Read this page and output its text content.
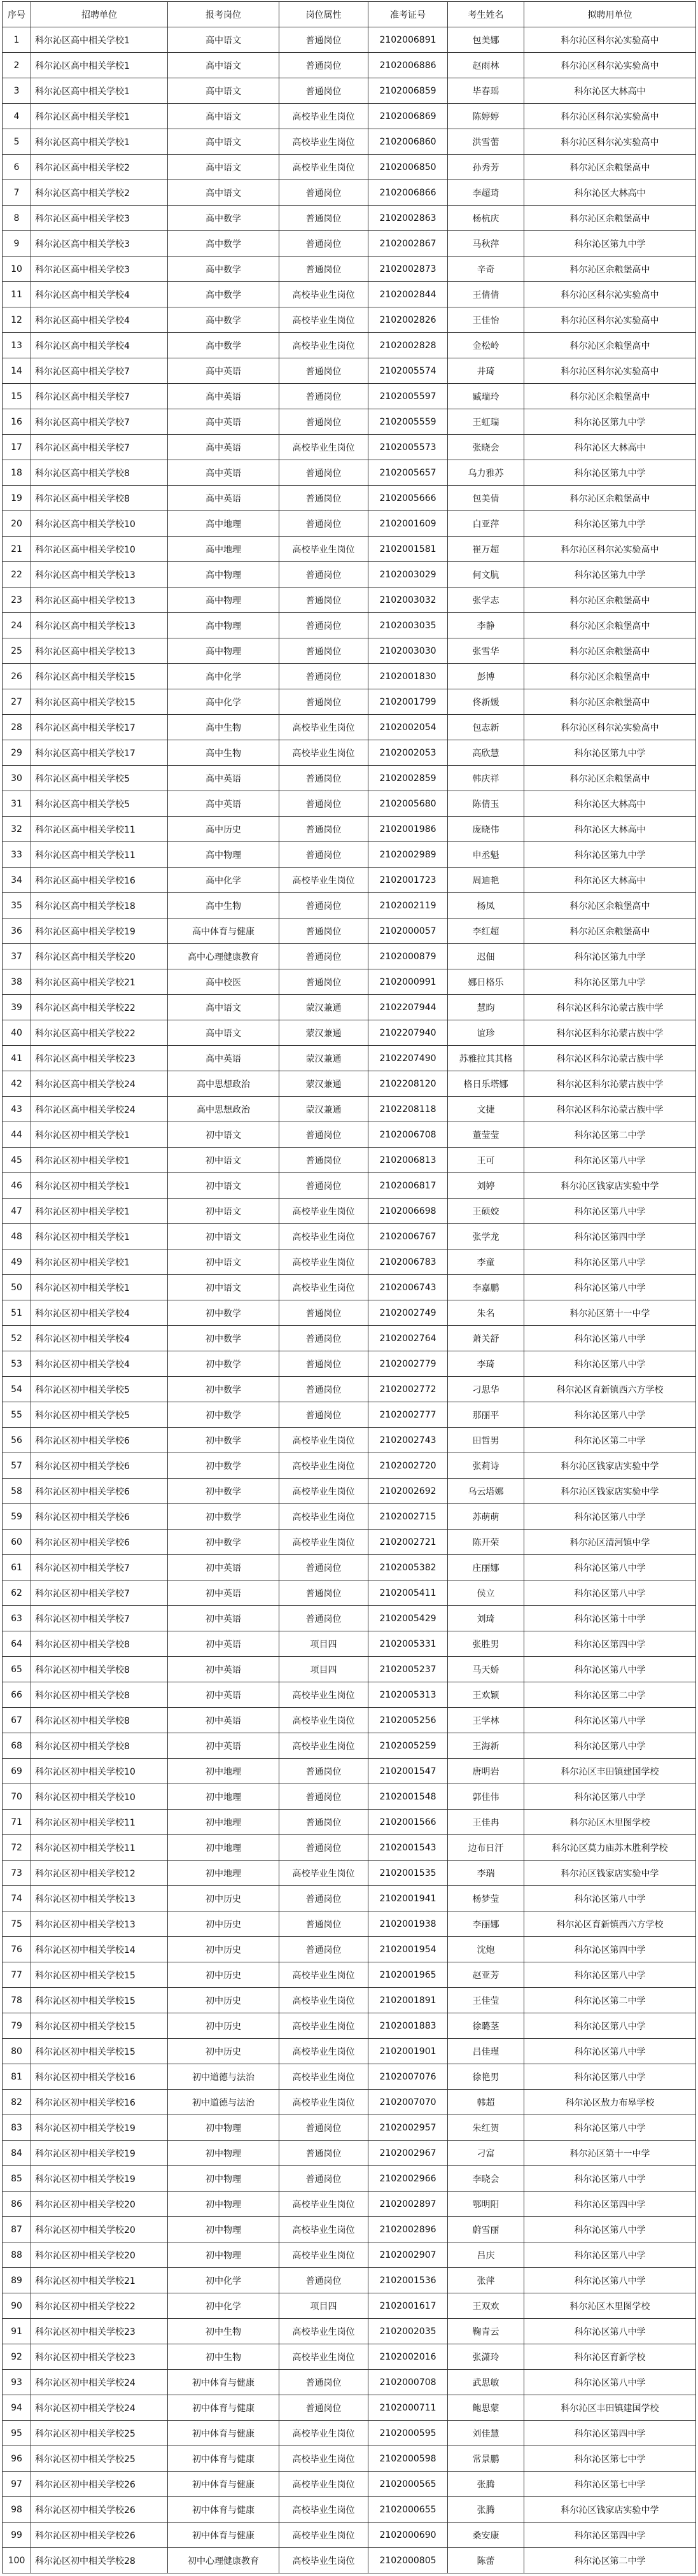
序号	招聘单位	报考岗位	岗位属性	准考证号	考生姓名	拟聘用单位
1	科尔沁区高中相关学校1	高中语文	普通岗位	2102006891	包美娜	科尔沁区科尔沁实验高中
2	科尔沁区高中相关学校1	高中语文	普通岗位	2102006886	赵雨林	科尔沁区科尔沁实验高中
3	科尔沁区高中相关学校1	高中语文	普通岗位	2102006859	毕春瑶	科尔沁区大林高中
4	科尔沁区高中相关学校1	高中语文	高校毕业生岗位	2102006869	陈婷婷	科尔沁区科尔沁实验高中
5	科尔沁区高中相关学校1	高中语文	高校毕业生岗位	2102006860	洪雪蕾	科尔沁区科尔沁实验高中
6	科尔沁区高中相关学校2	高中语文	高校毕业生岗位	2102006850	孙秀芳	科尔沁区余粮堡高中
7	科尔沁区高中相关学校2	高中语文	普通岗位	2102006866	李超琦	科尔沁区大林高中
8	科尔沁区高中相关学校3	高中数学	普通岗位	2102002863	杨杭庆	科尔沁区余粮堡高中
9	科尔沁区高中相关学校3	高中数学	普通岗位	2102002867	马秋萍	科尔沁区第九中学
10	科尔沁区高中相关学校3	高中数学	普通岗位	2102002873	辛奇	科尔沁区余粮堡高中
11	科尔沁区高中相关学校4	高中数学	高校毕业生岗位	2102002844	王倩倩	科尔沁区科尔沁实验高中
12	科尔沁区高中相关学校4	高中数学	高校毕业生岗位	2102002826	王佳怡	科尔沁区科尔沁实验高中
13	科尔沁区高中相关学校4	高中数学	高校毕业生岗位	2102002828	金松岭	科尔沁区余粮堡高中
14	科尔沁区高中相关学校7	高中英语	普通岗位	2102005574	井琦	科尔沁区科尔沁实验高中
15	科尔沁区高中相关学校7	高中英语	普通岗位	2102005597	臧瑞玲	科尔沁区余粮堡高中
16	科尔沁区高中相关学校7	高中英语	普通岗位	2102005559	王虹瑞	科尔沁区第九中学
17	科尔沁区高中相关学校7	高中英语	高校毕业生岗位	2102005573	张晓会	科尔沁区大林高中
18	科尔沁区高中相关学校8	高中英语	普通岗位	2102005657	乌力雅苏	科尔沁区第九中学
19	科尔沁区高中相关学校8	高中英语	普通岗位	2102005666	包美倩	科尔沁区余粮堡高中
20	科尔沁区高中相关学校10	高中地理	普通岗位	2102001609	白亚萍	科尔沁区第九中学
21	科尔沁区高中相关学校10	高中地理	高校毕业生岗位	2102001581	崔万超	科尔沁区科尔沁实验高中
22	科尔沁区高中相关学校13	高中物理	普通岗位	2102003029	何文肮	科尔沁区第九中学
23	科尔沁区高中相关学校13	高中物理	普通岗位	2102003032	张学志	科尔沁区余粮堡高中
24	科尔沁区高中相关学校13	高中物理	普通岗位	2102003035	李静	科尔沁区余粮堡高中
25	科尔沁区高中相关学校13	高中物理	普通岗位	2102003030	张雪华	科尔沁区余粮堡高中
26	科尔沁区高中相关学校15	高中化学	普通岗位	2102001830	彭博	科尔沁区余粮堡高中
27	科尔沁区高中相关学校15	高中化学	普通岗位	2102001799	佟新媛	科尔沁区余粮堡高中
28	科尔沁区高中相关学校17	高中生物	高校毕业生岗位	2102002054	包志新	科尔沁区科尔沁实验高中
29	科尔沁区高中相关学校17	高中生物	高校毕业生岗位	2102002053	高欣慧	科尔沁区第九中学
30	科尔沁区高中相关学校5	高中英语	普通岗位	2102002859	韩庆祥	科尔沁区余粮堡高中
31	科尔沁区高中相关学校5	高中英语	普通岗位	2102005680	陈倩玉	科尔沁区大林高中
32	科尔沁区高中相关学校11	高中历史	普通岗位	2102001986	庞晓伟	科尔沁区大林高中
33	科尔沁区高中相关学校11	高中物理	普通岗位	2102002989	申丞魁	科尔沁区第九中学
34	科尔沁区高中相关学校16	高中化学	高校毕业生岗位	2102001723	周迪艳	科尔沁区大林高中
35	科尔沁区高中相关学校18	高中生物	普通岗位	2102002119	杨凤	科尔沁区余粮堡高中
36	科尔沁区高中相关学校19	高中体育与健康	普通岗位	2102000057	李红超	科尔沁区余粮堡高中
37	科尔沁区高中相关学校20	高中心理健康教育	普通岗位	2102000879	迟佃	科尔沁区第九中学
38	科尔沁区高中相关学校21	高中校医	普通岗位	2102000991	娜日格乐	科尔沁区第九中学
39	科尔沁区高中相关学校22	高中语文	蒙汉兼通	2102207944	慧昀	科尔沁区科尔沁蒙古族中学
40	科尔沁区高中相关学校22	高中语文	蒙汉兼通	2102207940	谊珍	科尔沁区科尔沁蒙古族中学
41	科尔沁区高中相关学校23	高中英语	蒙汉兼通	2102207490	苏雅拉其其格	科尔沁区科尔沁蒙古族中学
42	科尔沁区高中相关学校24	高中思想政治	蒙汉兼通	2102208120	格日乐塔娜	科尔沁区科尔沁蒙古族中学
43	科尔沁区高中相关学校24	高中思想政治	蒙汉兼通	2102208118	文捷	科尔沁区科尔沁蒙古族中学
44	科尔沁区初中相关学校1	初中语文	普通岗位	2102006708	董莹莹	科尔沁区第二中学
45	科尔沁区初中相关学校1	初中语文	普通岗位	2102006813	王可	科尔沁区第八中学
46	科尔沁区初中相关学校1	初中语文	普通岗位	2102006817	刘婷	科尔沁区钱家店实验中学
47	科尔沁区初中相关学校1	初中语文	高校毕业生岗位	2102006698	王硕姣	科尔沁区第八中学
48	科尔沁区初中相关学校1	初中语文	高校毕业生岗位	2102006767	张学龙	科尔沁区第四中学
49	科尔沁区初中相关学校1	初中语文	高校毕业生岗位	2102006783	李童	科尔沁区第八中学
50	科尔沁区初中相关学校1	初中语文	高校毕业生岗位	2102006743	李嘉鹏	科尔沁区第八中学
51	科尔沁区初中相关学校4	初中数学	普通岗位	2102002749	朱名	科尔沁区第十一中学
52	科尔沁区初中相关学校4	初中数学	普通岗位	2102002764	萧关舒	科尔沁区第八中学
53	科尔沁区初中相关学校4	初中数学	普通岗位	2102002779	李琦	科尔沁区第八中学
54	科尔沁区初中相关学校5	初中数学	普通岗位	2102002772	刁思华	科尔沁区育新镇西六方学校
55	科尔沁区初中相关学校5	初中数学	普通岗位	2102002777	那丽平	科尔沁区第八中学
56	科尔沁区初中相关学校6	初中数学	高校毕业生岗位	2102002743	田哲男	科尔沁区第二中学
57	科尔沁区初中相关学校6	初中数学	高校毕业生岗位	2102002720	张莉诗	科尔沁区钱家店实验中学
58	科尔沁区初中相关学校6	初中数学	高校毕业生岗位	2102002692	乌云塔娜	科尔沁区钱家店实验中学
59	科尔沁区初中相关学校6	初中数学	高校毕业生岗位	2102002715	苏萌萌	科尔沁区第八中学
60	科尔沁区初中相关学校6	初中数学	高校毕业生岗位	2102002721	陈开荣	科尔沁区清河镇中学
61	科尔沁区初中相关学校7	初中英语	普通岗位	2102005382	庄丽娜	科尔沁区第八中学
62	科尔沁区初中相关学校7	初中英语	普通岗位	2102005411	侯立	科尔沁区第八中学
63	科尔沁区初中相关学校7	初中英语	普通岗位	2102005429	刘琦	科尔沁区第十中学
64	科尔沁区初中相关学校8	初中英语	项目四	2102005331	张胜男	科尔沁区第四中学
65	科尔沁区初中相关学校8	初中英语	项目四	2102005237	马天娇	科尔沁区第八中学
66	科尔沁区初中相关学校8	初中英语	高校毕业生岗位	2102005313	王欢颖	科尔沁区第二中学
67	科尔沁区初中相关学校8	初中英语	高校毕业生岗位	2102005256	王学林	科尔沁区第八中学
68	科尔沁区初中相关学校8	初中英语	高校毕业生岗位	2102005259	王海新	科尔沁区第八中学
69	科尔沁区初中相关学校10	初中地理	普通岗位	2102001547	唐明岩	科尔沁区丰田镇建国学校
70	科尔沁区初中相关学校10	初中地理	普通岗位	2102001548	郭佳伟	科尔沁区第八中学
71	科尔沁区初中相关学校11	初中地理	普通岗位	2102001566	王佳冉	科尔沁区木里图学校
72	科尔沁区初中相关学校11	初中地理	普通岗位	2102001543	边布日汗	科尔沁区莫力庙苏木胜利学校
73	科尔沁区初中相关学校12	初中地理	高校毕业生岗位	2102001535	李瑞	科尔沁区钱家店实验中学
74	科尔沁区初中相关学校13	初中历史	普通岗位	2102001941	杨梦莹	科尔沁区第八中学
75	科尔沁区初中相关学校13	初中历史	普通岗位	2102001938	李丽娜	科尔沁区育新镇西六方学校
76	科尔沁区初中相关学校14	初中历史	普通岗位	2102001954	沈炮	科尔沁区第四中学
77	科尔沁区初中相关学校15	初中历史	高校毕业生岗位	2102001965	赵亚芳	科尔沁区第八中学
78	科尔沁区初中相关学校15	初中历史	高校毕业生岗位	2102001891	王佳莹	科尔沁区第二中学
79	科尔沁区初中相关学校15	初中历史	高校毕业生岗位	2102001883	徐璐茎	科尔沁区第八中学
80	科尔沁区初中相关学校15	初中历史	高校毕业生岗位	2102001901	吕佳瑾	科尔沁区第八中学
81	科尔沁区初中相关学校16	初中道德与法治	高校毕业生岗位	2102007076	徐艳男	科尔沁区第八中学
82	科尔沁区初中相关学校16	初中道德与法治	高校毕业生岗位	2102007070	韩超	科尔沁区敖力布皋学校
83	科尔沁区初中相关学校19	初中物理	普通岗位	2102002957	朱红贺	科尔沁区第八中学
84	科尔沁区初中相关学校19	初中物理	普通岗位	2102002967	刁富	科尔沁区第十一中学
85	科尔沁区初中相关学校19	初中物理	普通岗位	2102002966	李晓会	科尔沁区第八中学
86	科尔沁区初中相关学校20	初中物理	高校毕业生岗位	2102002897	鄂明阳	科尔沁区第四中学
87	科尔沁区初中相关学校20	初中物理	高校毕业生岗位	2102002896	蔚雪丽	科尔沁区第八中学
88	科尔沁区初中相关学校20	初中物理	高校毕业生岗位	2102002907	吕庆	科尔沁区第八中学
89	科尔沁区初中相关学校21	初中化学	普通岗位	2102001536	张萍	科尔沁区第八中学
90	科尔沁区初中相关学校22	初中化学	项目四	2102001617	王双欢	科尔沁区木里图学校
91	科尔沁区初中相关学校23	初中生物	高校毕业生岗位	2102002035	鞠青云	科尔沁区第八中学
92	科尔沁区初中相关学校23	初中生物	高校毕业生岗位	2102002016	张潇玲	科尔沁区育新学校
93	科尔沁区初中相关学校24	初中体育与健康	普通岗位	2102000708	武思敏	科尔沁区第八中学
94	科尔沁区初中相关学校24	初中体育与健康	普通岗位	2102000711	鲍思蒙	科尔沁区丰田镇建国学校
95	科尔沁区初中相关学校25	初中体育与健康	高校毕业生岗位	2102000595	刘佳慧	科尔沁区第四中学
96	科尔沁区初中相关学校25	初中体育与健康	高校毕业生岗位	2102000598	常景鹏	科尔沁区第七中学
97	科尔沁区初中相关学校26	初中体育与健康	高校毕业生岗位	2102000565	张腾	科尔沁区第七中学
98	科尔沁区初中相关学校26	初中体育与健康	高校毕业生岗位	2102000655	张腾	科尔沁区钱家店实验中学
99	科尔沁区初中相关学校26	初中体育与健康	高校毕业生岗位	2102000690	桑安康	科尔沁区第四中学
100	科尔沁区初中相关学校28	初中心理健康教育	高校毕业生岗位	2102000805	陈蕾	科尔沁区第二中学
